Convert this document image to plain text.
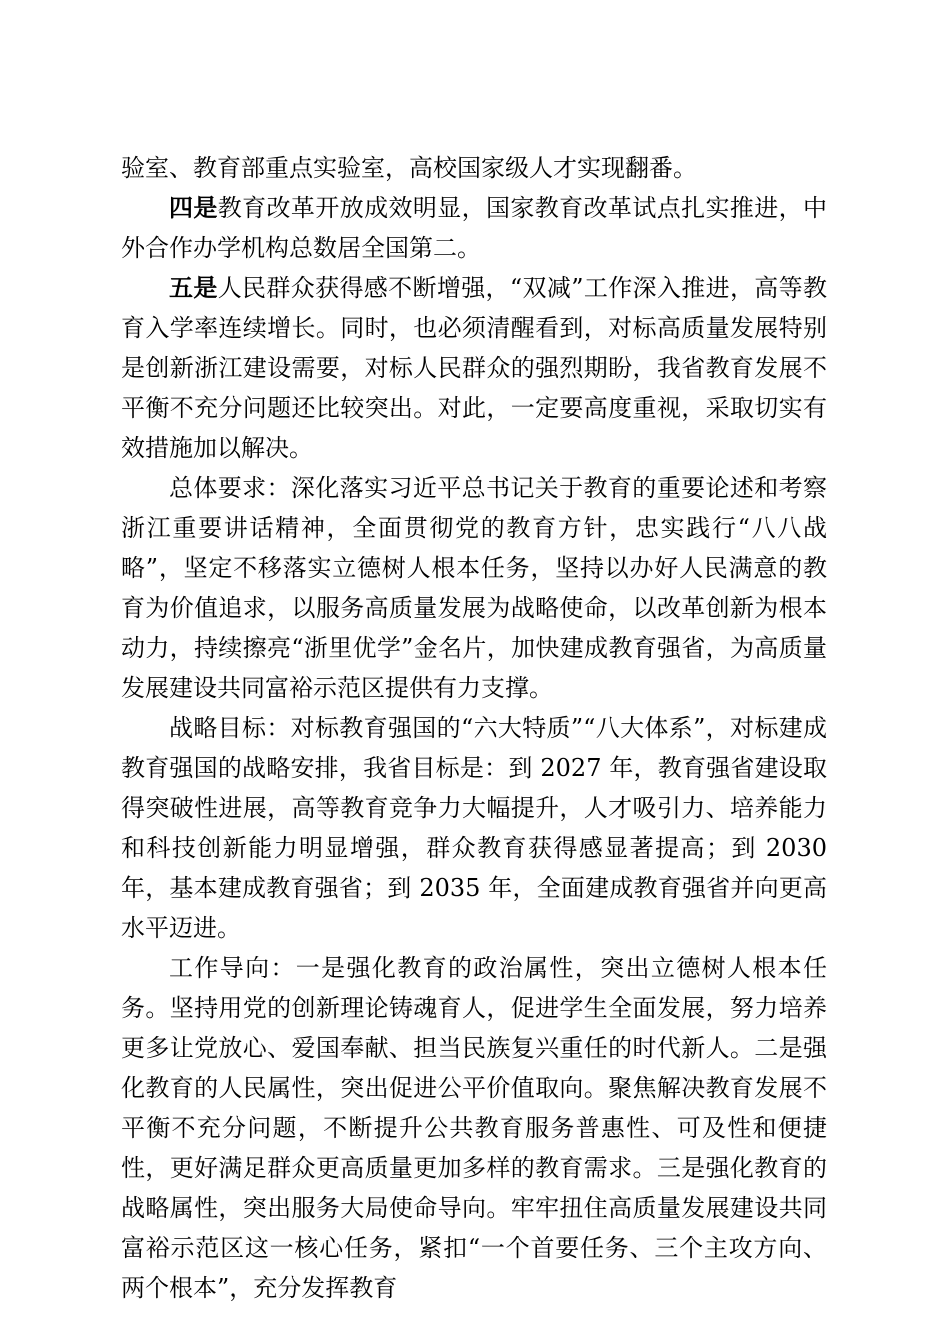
验室、教育部重点实验室，高校国家级人才实现翻番。

四是教育改革开放成效明显，国家教育改革试点扎实推进，中外合作办学机构总数居全国第二。

五是人民群众获得感不断增强，“双减”工作深入推进，高等教育入学率连续增长。同时，也必须清醒看到，对标高质量发展特别是创新浙江建设需要，对标人民群众的强烈期盼，我省教育发展不平衡不充分问题还比较突出。对此，一定要高度重视，采取切实有效措施加以解决。

总体要求：深化落实习近平总书记关于教育的重要论述和考察浙江重要讲话精神，全面贯彻党的教育方针，忠实践行“八八战略”，坚定不移落实立德树人根本任务，坚持以办好人民满意的教育为价值追求，以服务高质量发展为战略使命，以改革创新为根本动力，持续擦亮“浙里优学”金名片，加快建成教育强省，为高质量发展建设共同富裕示范区提供有力支撑。

战略目标：对标教育强国的“六大特质”“八大体系”，对标建成教育强国的战略安排，我省目标是：到 2027 年，教育强省建设取得突破性进展，高等教育竞争力大幅提升，人才吸引力、培养能力和科技创新能力明显增强，群众教育获得感显著提高；到 2030 年，基本建成教育强省；到 2035 年，全面建成教育强省并向更高水平迈进。

工作导向：一是强化教育的政治属性，突出立德树人根本任务。坚持用党的创新理论铸魂育人，促进学生全面发展，努力培养更多让党放心、爱国奉献、担当民族复兴重任的时代新人。二是强化教育的人民属性，突出促进公平价值取向。聚焦解决教育发展不平衡不充分问题，不断提升公共教育服务普惠性、可及性和便捷性，更好满足群众更高质量更加多样的教育需求。三是强化教育的战略属性，突出服务大局使命导向。牢牢扭住高质量发展建设共同富裕示范区这一核心任务，紧扣“一个首要任务、三个主攻方向、两个根本”，充分发挥教育
